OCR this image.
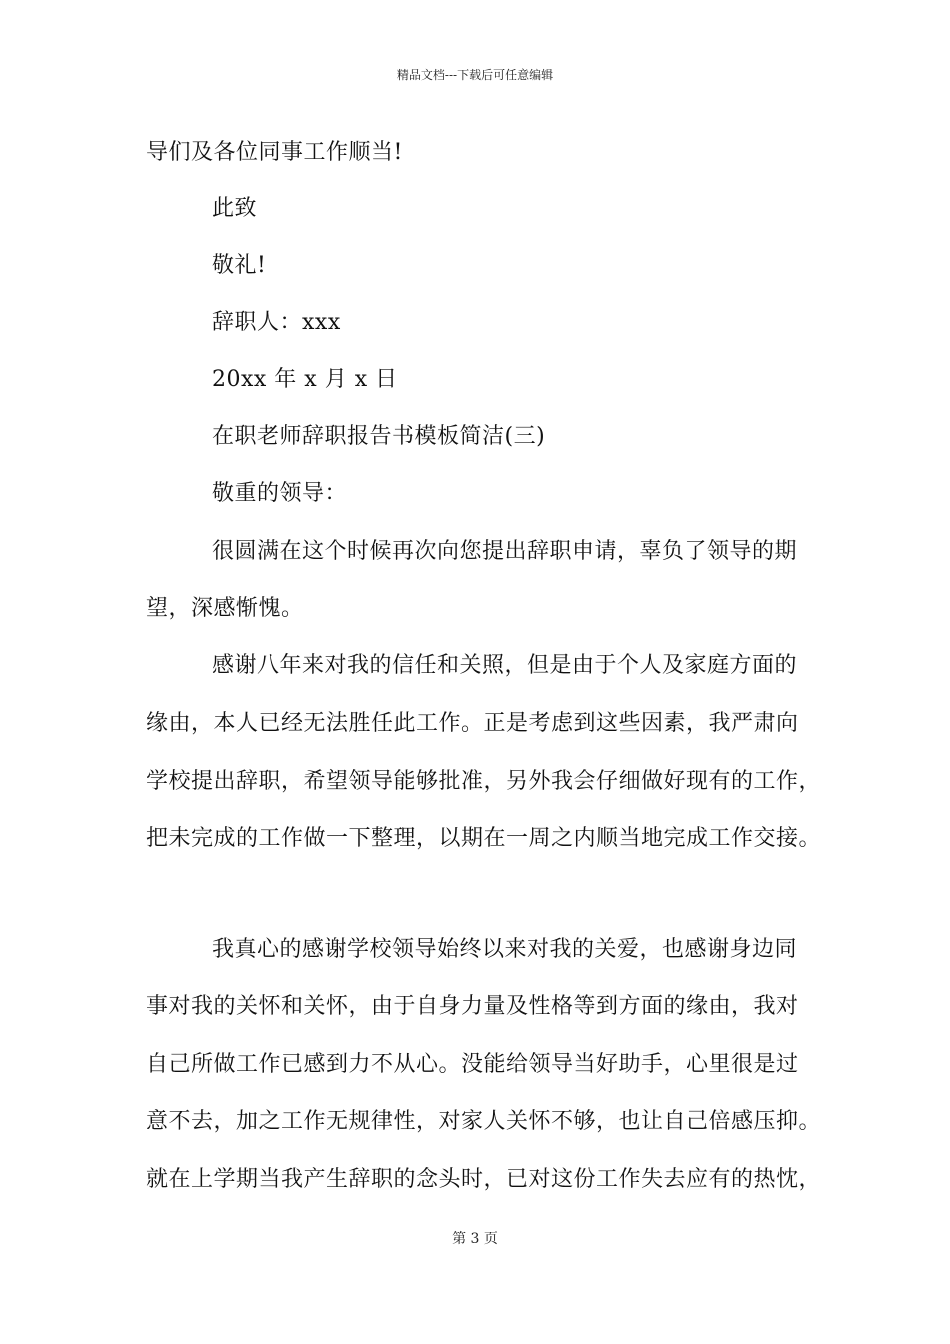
精品文档---下载后可任意编辑
导们及各位同事工作顺当!
此致
敬礼!
辞职人：xxx
20xx 年 x 月 x 日
在职老师辞职报告书模板简洁(三)
敬重的领导：
很圆满在这个时候再次向您提出辞职申请，辜负了领导的期
望，深感惭愧。
感谢八年来对我的信任和关照，但是由于个人及家庭方面的
缘由，本人已经无法胜任此工作。正是考虑到这些因素，我严肃向
学校提出辞职，希望领导能够批准，另外我会仔细做好现有的工作，
把未完成的工作做一下整理，以期在一周之内顺当地完成工作交接。
我真心的感谢学校领导始终以来对我的关爱，也感谢身边同
事对我的关怀和关怀，由于自身力量及性格等到方面的缘由，我对
自己所做工作已感到力不从心。没能给领导当好助手，心里很是过
意不去，加之工作无规律性，对家人关怀不够，也让自己倍感压抑。
就在上学期当我产生辞职的念头时，已对这份工作失去应有的热忱，
第 3 页
